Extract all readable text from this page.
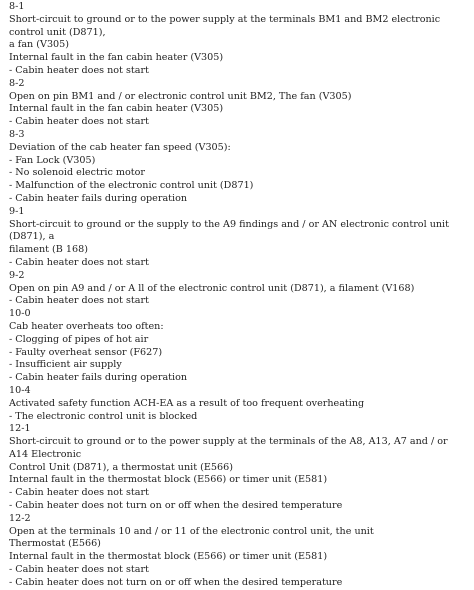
8-1
Short-circuit to ground or to the power supply at the terminals BM1 and BM2 electronic control unit (D871),
a fan (V305)
Internal fault in the fan cabin heater (V305)
- Cabin heater does not start
8-2
Open on pin BM1 and / or electronic control unit BM2, The fan (V305)
Internal fault in the fan cabin heater (V305)
- Cabin heater does not start
8-3
Deviation of the cab heater fan speed (V305):
- Fan Lock (V305)
- No solenoid electric motor
- Malfunction of the electronic control unit (D871)
- Cabin heater fails during operation
9-1
Short-circuit to ground or the supply to the A9 findings and / or AN electronic control unit (D871), a
filament (B 168)
- Cabin heater does not start
9-2
Open on pin A9 and / or A ll of the electronic control unit (D871), a filament (V168)
- Cabin heater does not start
10-0
Cab heater overheats too often:
- Clogging of pipes of hot air
- Faulty overheat sensor (F627)
- Insufficient air supply
- Cabin heater fails during operation
10-4
Activated safety function ACH-EA as a result of too frequent overheating
- The electronic control unit is blocked
12-1
Short-circuit to ground or to the power supply at the terminals of the A8, A13, A7 and / or A14 Electronic
Control Unit (D871), a thermostat unit (E566)
Internal fault in the thermostat block (E566) or timer unit (E581)
- Cabin heater does not start
- Cabin heater does not turn on or off when the desired temperature
12-2
Open at the terminals 10 and / or 11 of the electronic control unit, the unit
Thermostat (E566)
Internal fault in the thermostat block (E566) or timer unit (E581)
- Cabin heater does not start
- Cabin heater does not turn on or off when the desired temperature
